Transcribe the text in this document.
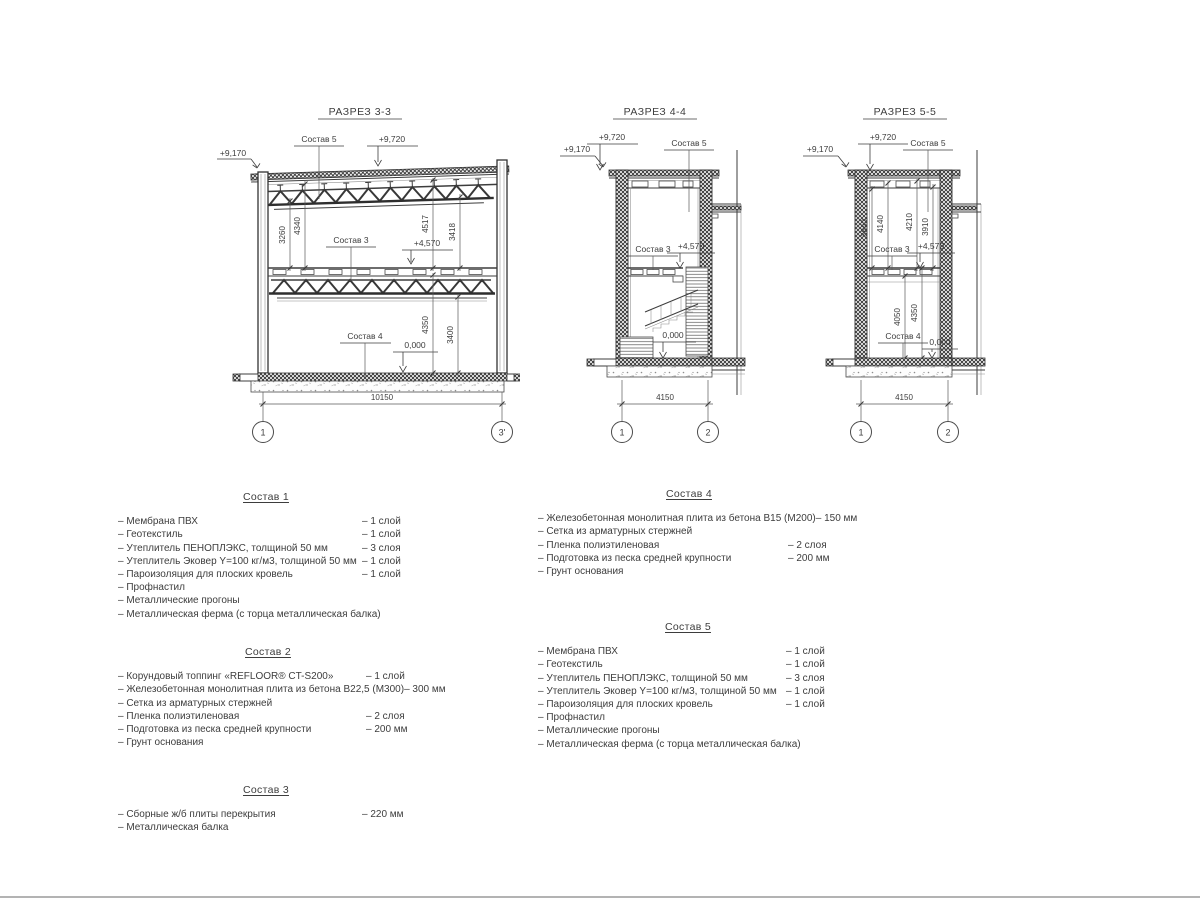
РАЗРЕЗ 3-3
+9,170
+9,720
Состав 5
Состав 3	+4,570
Состав 4
0,000
3260
4340	4517 3418
4350
3400
10150
1	3'
РАЗРЕЗ 4-4
+9,170
+9,720
Состав 5
Состав 3 +4,570
0,000
4150
1	2
РАЗРЕЗ 5-5
+9,170
+9,720
Состав 5
3840 4140	4210 3910
Состав 3 +4,570
4050 4350
Состав 4
0,000
4150
1	2
Состав 1
– Мембрана ПВХ	– 1 слой
– Геотекстиль	– 1 слой
– Утеплитель ПЕНОПЛЭКС, толщиной 50 мм	– 3 слоя
– Утеплитель Эковер Y=100 кг/м3, толщиной 50 мм – 1 слой
– Пароизоляция для плоских кровель	– 1 слой
– Профнастил
– Металлические прогоны
– Металлическая ферма (с торца металлическая балка)
Состав 2
– Корундовый топпинг «REFLOOR® CT-S200»	– 1 слой
– Железобетонная монолитная плита из бетона В22,5 (М300) – 300 мм
– Сетка из арматурных стержней
– Пленка полиэтиленовая	– 2 слоя
– Подготовка из песка средней крупности	– 200 мм
– Грунт основания
Состав 3
– Сборные ж/б плиты перекрытия	– 220 мм
– Металлическая балка
Состав 4
– Железобетонная монолитная плита из бетона В15 (М200) – 150 мм
– Сетка из арматурных стержней
– Пленка полиэтиленовая	– 2 слоя
– Подготовка из песка средней крупности	– 200 мм
– Грунт основания
Состав 5
– Мембрана ПВХ	– 1 слой
– Геотекстиль	– 1 слой
– Утеплитель ПЕНОПЛЭКС, толщиной 50 мм	– 3 слоя
– Утеплитель Эковер Y=100 кг/м3, толщиной 50 мм – 1 слой
– Пароизоляция для плоских кровель	– 1 слой
– Профнастил
– Металлические прогоны
– Металлическая ферма (с торца металлическая балка)
